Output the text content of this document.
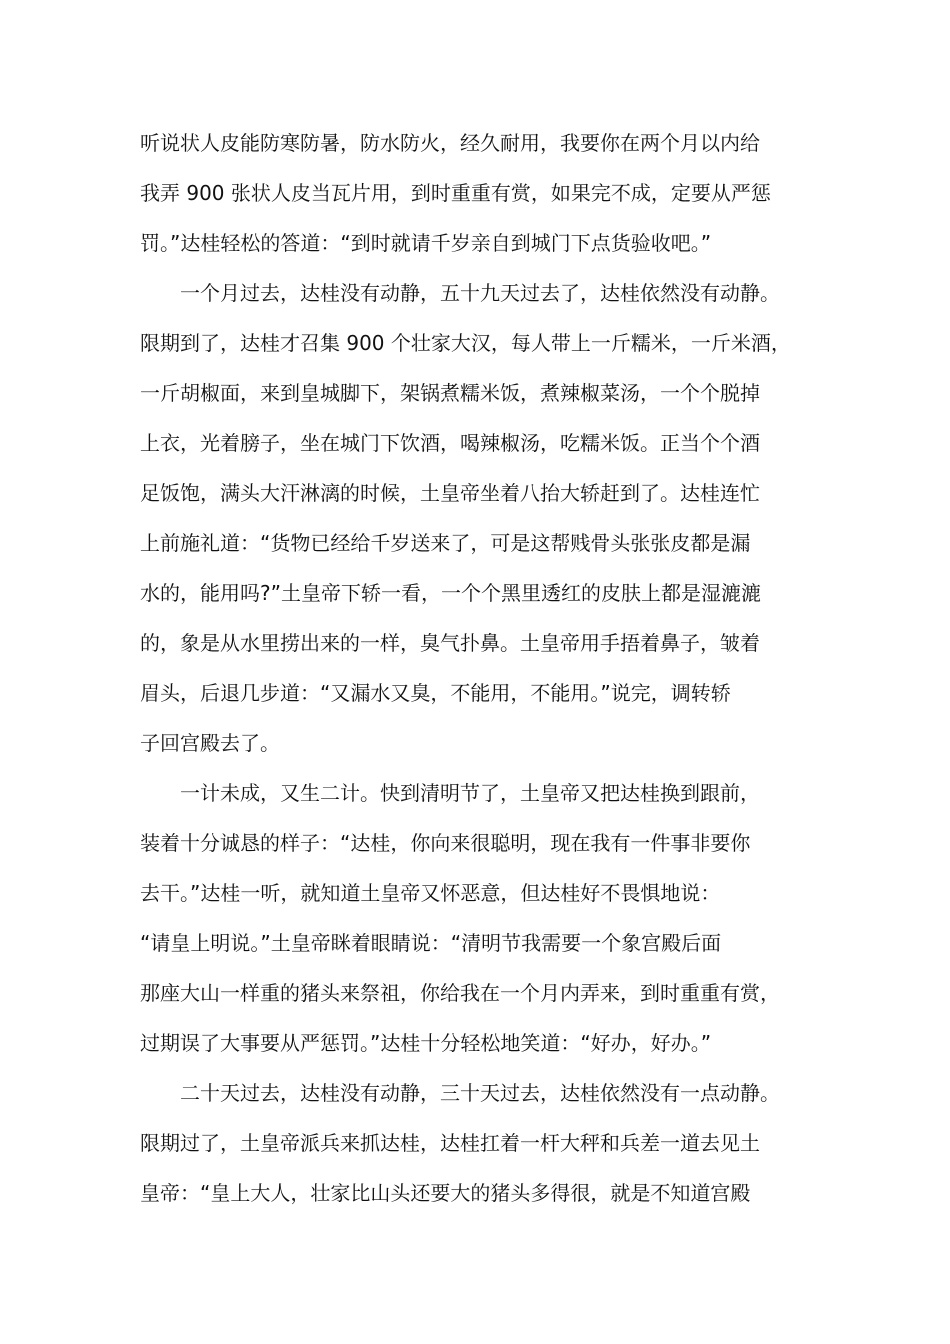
听说状人皮能防寒防暑，防水防火，经久耐用，我要你在两个月以内给
我弄 900 张状人皮当瓦片用，到时重重有赏，如果完不成，定要从严惩
罚。”达桂轻松的答道：“到时就请千岁亲自到城门下点货验收吧。”
一个月过去，达桂没有动静，五十九天过去了，达桂依然没有动静。
限期到了，达桂才召集 900 个壮家大汉，每人带上一斤糯米，一斤米酒，
一斤胡椒面，来到皇城脚下，架锅煮糯米饭，煮辣椒菜汤，一个个脱掉
上衣，光着膀子，坐在城门下饮酒，喝辣椒汤，吃糯米饭。正当个个酒
足饭饱，满头大汗淋漓的时候，土皇帝坐着八抬大轿赶到了。达桂连忙
上前施礼道：“货物已经给千岁送来了，可是这帮贱骨头张张皮都是漏
水的，能用吗?”土皇帝下轿一看，一个个黑里透红的皮肤上都是湿漉漉
的，象是从水里捞出来的一样，臭气扑鼻。土皇帝用手捂着鼻子，皱着
眉头，后退几步道：“又漏水又臭，不能用，不能用。”说完，调转轿
子回宫殿去了。
一计未成，又生二计。快到清明节了，土皇帝又把达桂换到跟前，
装着十分诚恳的样子：“达桂，你向来很聪明，现在我有一件事非要你
去干。”达桂一听，就知道土皇帝又怀恶意，但达桂好不畏惧地说：
“请皇上明说。”土皇帝眯着眼睛说：“清明节我需要一个象宫殿后面
那座大山一样重的猪头来祭祖，你给我在一个月内弄来，到时重重有赏，
过期误了大事要从严惩罚。”达桂十分轻松地笑道：“好办，好办。”
二十天过去，达桂没有动静，三十天过去，达桂依然没有一点动静。
限期过了，土皇帝派兵来抓达桂，达桂扛着一杆大秤和兵差一道去见土
皇帝：“皇上大人，壮家比山头还要大的猪头多得很，就是不知道宫殿
